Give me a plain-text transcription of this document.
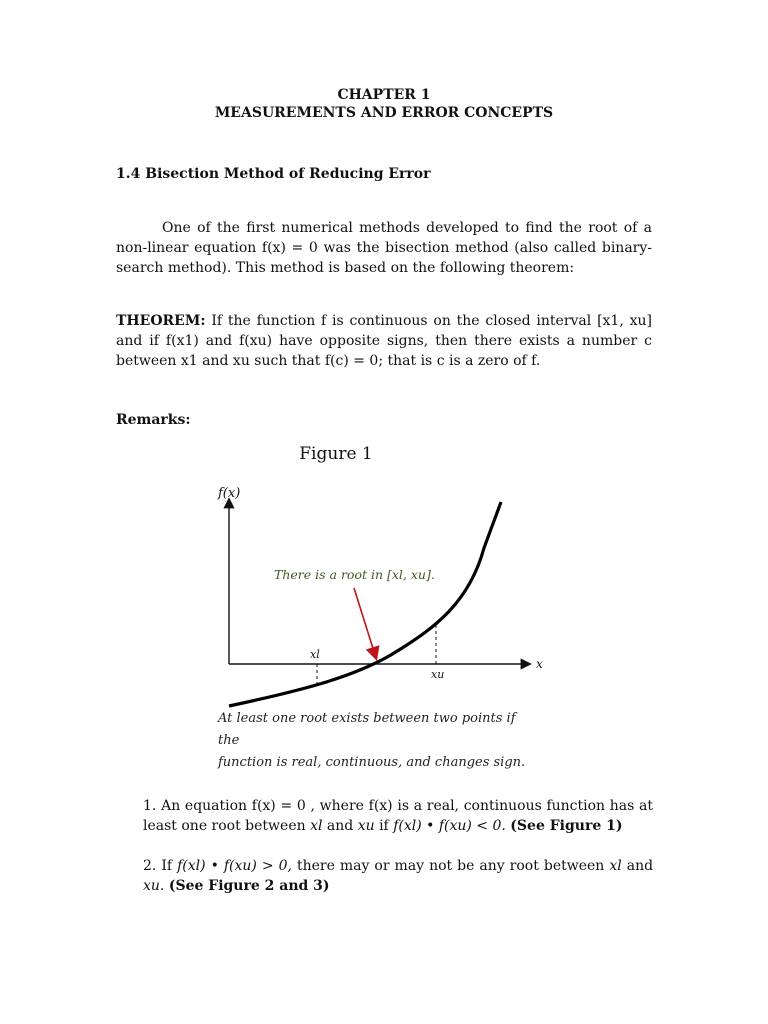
CHAPTER 1
MEASUREMENTS AND ERROR CONCEPTS
1.4 Bisection Method of Reducing Error
One of the first numerical methods developed to find the root of a non-linear equation f(x) = 0 was the bisection method (also called binary-search method). This method is based on the following theorem:
THEOREM: If the function f is continuous on the closed interval [x1, xu] and if f(x1) and f(xu) have opposite signs, then there exists a number c between x1 and xu such that f(c) = 0; that is c is a zero of f.
Remarks:
Figure 1
f(x)
x
xl
xu
There is a root in [xl, xu].
At least one root exists between two points if the
function is real, continuous, and changes sign.
1. An equation f(x) = 0 , where f(x) is a real, continuous function has at least one root between xl and xu if f(xl) • f(xu) < 0. (See Figure 1)
2. If f(xl) • f(xu) > 0, there may or may not be any root between xl and xu. (See Figure 2 and 3)
